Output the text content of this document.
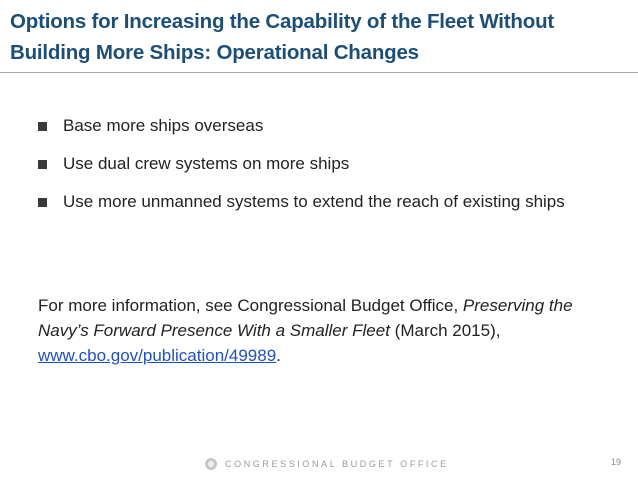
Options for Increasing the Capability of the Fleet Without Building More Ships: Operational Changes
Base more ships overseas
Use dual crew systems on more ships
Use more unmanned systems to extend the reach of existing ships

For more information, see Congressional Budget Office, Preserving the Navy’s Forward Presence With a Smaller Fleet (March 2015), www.cbo.gov/publication/49989.

CONGRESSIONAL BUDGET OFFICE	19
